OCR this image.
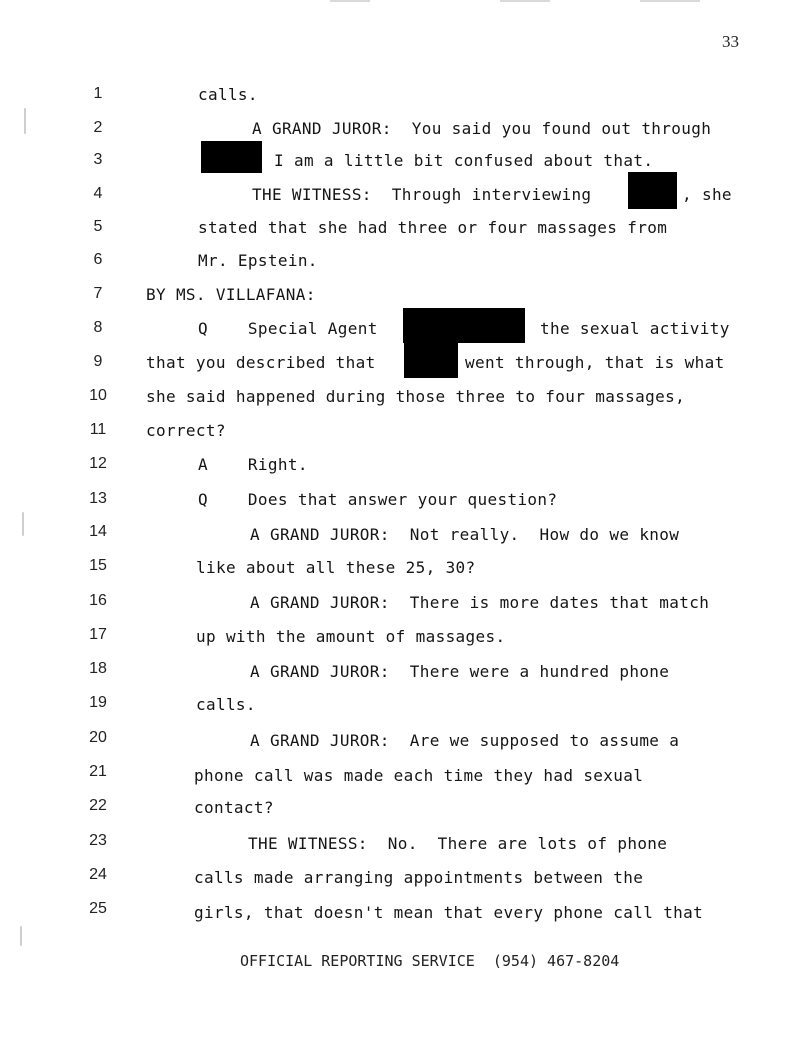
33
1	calls.
2	A GRAND JUROR:  You said you found out through
3	I am a little bit confused about that.
4	THE WITNESS:  Through interviewing	, she
5	stated that she had three or four massages from
6	Mr. Epstein.
7	BY MS. VILLAFANA:
8	Q    Special Agent	the sexual activity
9	that you described that	went through, that is what
10	she said happened during those three to four massages,
11	correct?
12	A    Right.
13	Q    Does that answer your question?
14	A GRAND JUROR:  Not really.  How do we know
15	like about all these 25, 30?
16	A GRAND JUROR:  There is more dates that match
17	up with the amount of massages.
18	A GRAND JUROR:  There were a hundred phone
19	calls.
20	A GRAND JUROR:  Are we supposed to assume a
21	phone call was made each time they had sexual
22	contact?
23	THE WITNESS:  No.  There are lots of phone
24	calls made arranging appointments between the
25	girls, that doesn't mean that every phone call that
OFFICIAL REPORTING SERVICE  (954) 467-8204
